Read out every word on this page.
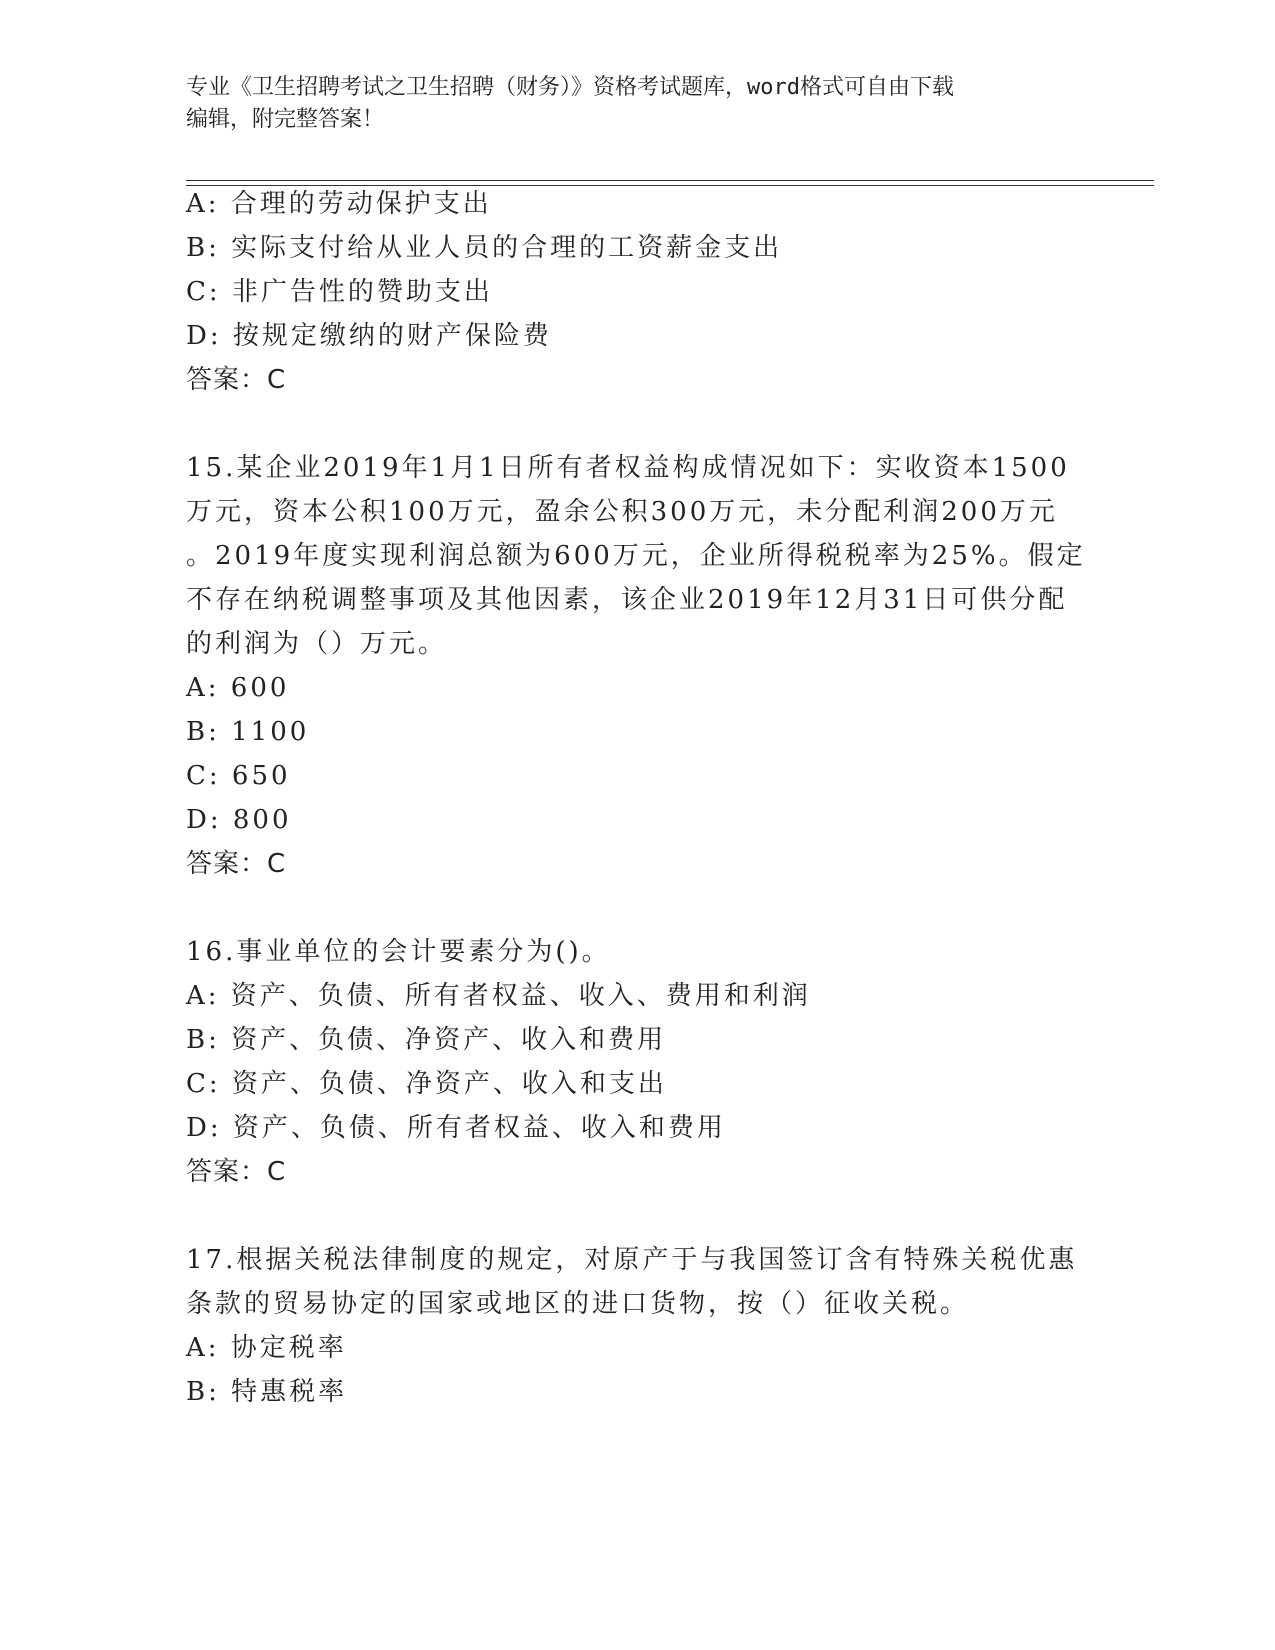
专业《卫生招聘考试之卫生招聘（财务）》资格考试题库，word格式可自由下载
编辑，附完整答案！
A: 合理的劳动保护支出
B: 实际支付给从业人员的合理的工资薪金支出
C: 非广告性的赞助支出
D: 按规定缴纳的财产保险费
答案：C
15.某企业2019年1月1日所有者权益构成情况如下：实收资本1500
万元，资本公积100万元，盈余公积300万元，未分配利润200万元
。2019年度实现利润总额为600万元，企业所得税税率为25%。假定
不存在纳税调整事项及其他因素，该企业2019年12月31日可供分配
的利润为（）万元。
A: 600
B: 1100
C: 650
D: 800
答案：C
16.事业单位的会计要素分为()。
A: 资产、负债、所有者权益、收入、费用和利润
B: 资产、负债、净资产、收入和费用
C: 资产、负债、净资产、收入和支出
D: 资产、负债、所有者权益、收入和费用
答案：C
17.根据关税法律制度的规定，对原产于与我国签订含有特殊关税优惠
条款的贸易协定的国家或地区的进口货物，按（）征收关税。
A: 协定税率
B: 特惠税率
